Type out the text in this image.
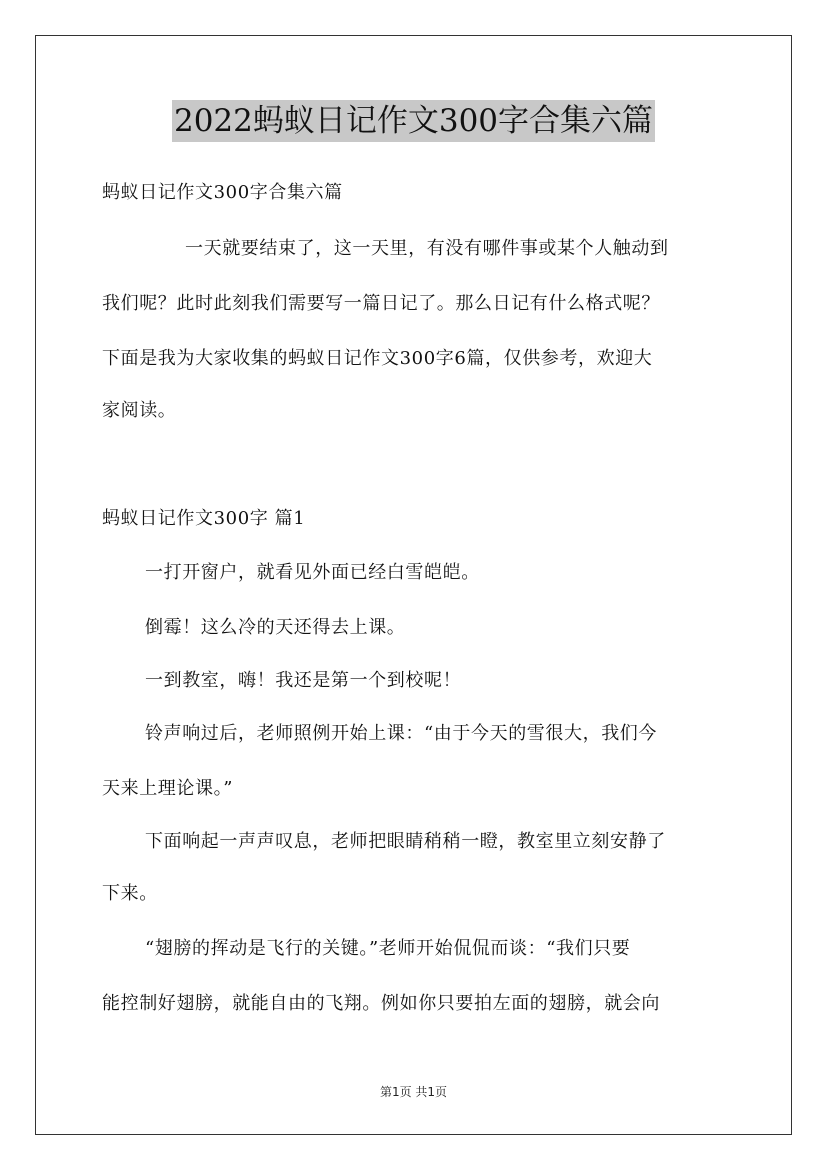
2022蚂蚁日记作文300字合集六篇
蚂蚁日记作文300字合集六篇
一天就要结束了，这一天里，有没有哪件事或某个人触动到
我们呢？此时此刻我们需要写一篇日记了。那么日记有什么格式呢？
下面是我为大家收集的蚂蚁日记作文300字6篇，仅供参考，欢迎大
家阅读。
蚂蚁日记作文300字 篇1
一打开窗户，就看见外面已经白雪皑皑。
倒霉！这么冷的天还得去上课。
一到教室，嗨！我还是第一个到校呢！
铃声响过后，老师照例开始上课：“由于今天的雪很大，我们今
天来上理论课。”
下面响起一声声叹息，老师把眼睛稍稍一瞪，教室里立刻安静了
下来。
“翅膀的挥动是飞行的关键。”老师开始侃侃而谈：“我们只要
能控制好翅膀，就能自由的飞翔。例如你只要拍左面的翅膀，就会向
第1页 共1页
